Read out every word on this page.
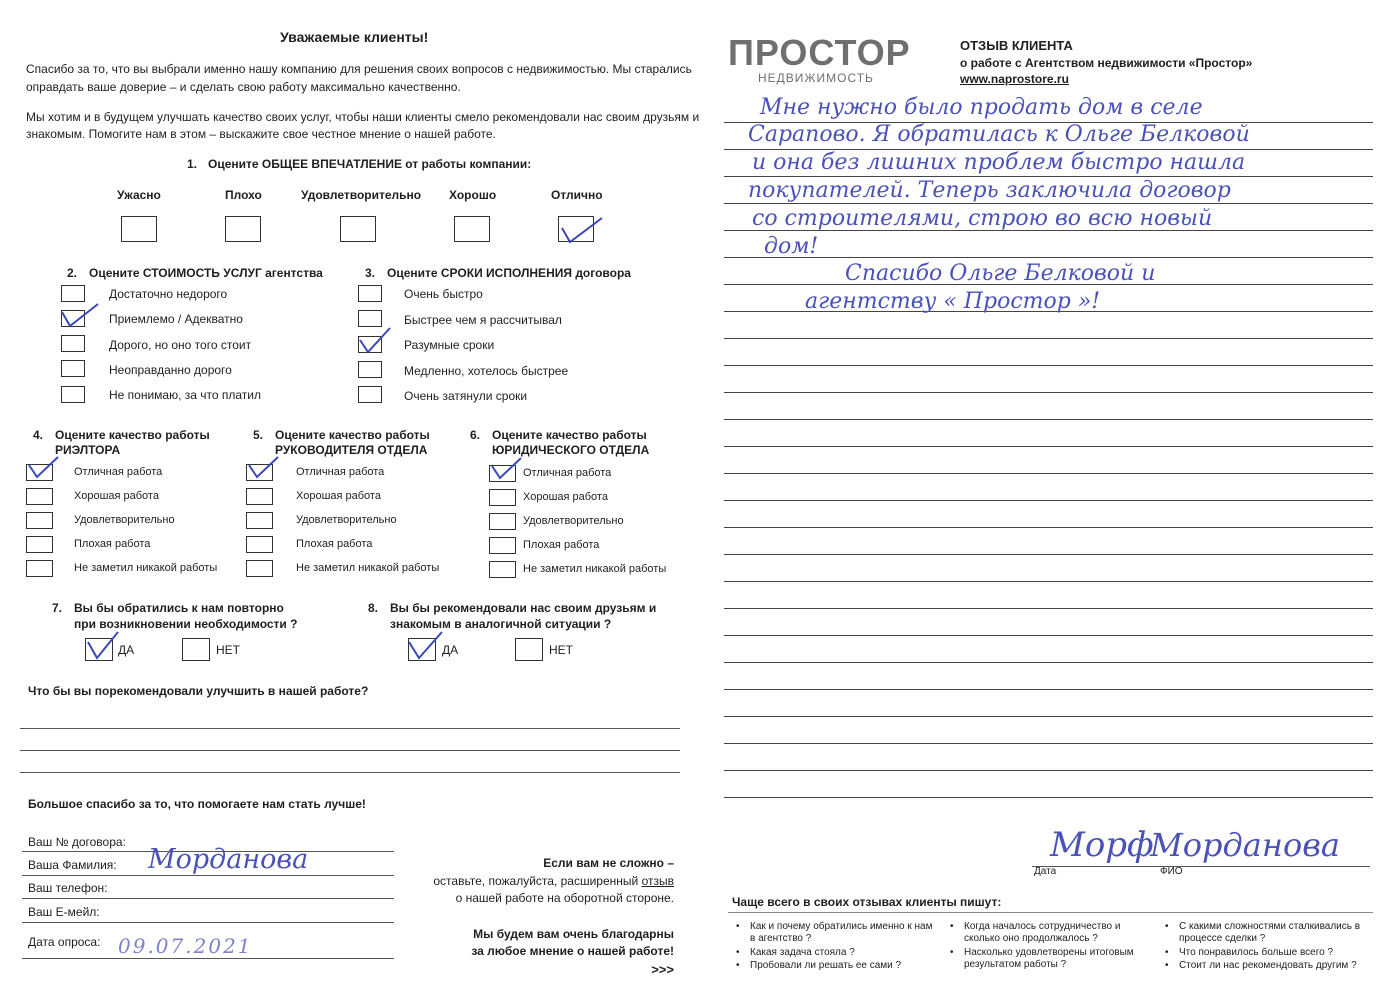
Уважаемые клиенты!
Спасибо за то, что вы выбрали именно нашу компанию для решения своих вопросов с недвижимостью. Мы старались
оправдать ваше доверие – и сделать свою работу максимально качественно.
Мы хотим и в будущем улучшать качество своих услуг, чтобы наши клиенты смело рекомендовали нас своим друзьям и
знакомым. Помогите нам в этом – выскажите свое честное мнение о нашей работе.
1. Оцените ОБЩЕЕ ВПЕЧАТЛЕНИЕ от работы компании:
Ужасно	Плохо	Удовлетворительно Хорошо	Отлично
2. Оцените СТОИМОСТЬ УСЛУГ агентства
Достаточно недорого
Приемлемо / Адекватно
Дорого, но оно того стоит
Неоправданно дорого
Не понимаю, за что платил
3. Оцените СРОКИ ИСПОЛНЕНИЯ договора
Очень быстро
Быстрее чем я рассчитывал
Разумные сроки
Медленно, хотелось быстрее
Очень затянули сроки
4. Оцените качество работы
РИЭЛТОРА
Отличная работа
Хорошая работа
Удовлетворительно
Плохая работа
Не заметил никакой работы
5. Оцените качество работы
РУКОВОДИТЕЛЯ ОТДЕЛА
Отличная работа
Хорошая работа
Удовлетворительно
Плохая работа
Не заметил никакой работы
6. Оцените качество работы
ЮРИДИЧЕСКОГО ОТДЕЛА
Отличная работа
Хорошая работа
Удовлетворительно
Плохая работа
Не заметил никакой работы
7. Вы бы обратились к нам повторно
при возникновении необходимости ?
ДА	НЕТ
8. Вы бы рекомендовали нас своим друзьям и
знакомым в аналогичной ситуации ?
ДА	НЕТ
Что бы вы порекомендовали улучшить в нашей работе?
Большое спасибо за то, что помогаете нам стать лучше!
Ваш № договора:
Ваша Фамилия: Морданова
Ваш телефон:
Ваш Е-мейл:
Дата опроса: 09.07.2021
Если вам не сложно –
оставьте, пожалуйста, расширенный отзыв
о нашей работе на оборотной стороне.
Мы будем вам очень благодарны
за любое мнение о нашей работе!
>>>
ПРОСТОР
НЕДВИЖИМОСТЬ
ОТЗЫВ КЛИЕНТА
о работе с Агентством недвижимости «Простор»
www.naprostore.ru
Мне нужно было продать дом в селе
Сарапово. Я обратилась к Ольге Белковой
и она без лишних проблем быстро нашла
покупателей. Теперь заключила договор
со строителями, строю во всю новый
дом!
Спасибо Ольге Белковой и
агентству « Простор »!
Морф
Морданова
Дата	ФИО
Чаще всего в своих отзывах клиенты пишут:
• Как и почему обратились именно к нам в агентство ?
• Какая задача стояла ?
• Пробовали ли решать ее сами ?
• Когда началось сотрудничество и сколько оно продолжалось ?
• Насколько удовлетворены итоговым результатом работы ?
• С какими сложностями сталкивались в процессе сделки ?
• Что понравилось больше всего ?
• Стоит ли нас рекомендовать другим ?
